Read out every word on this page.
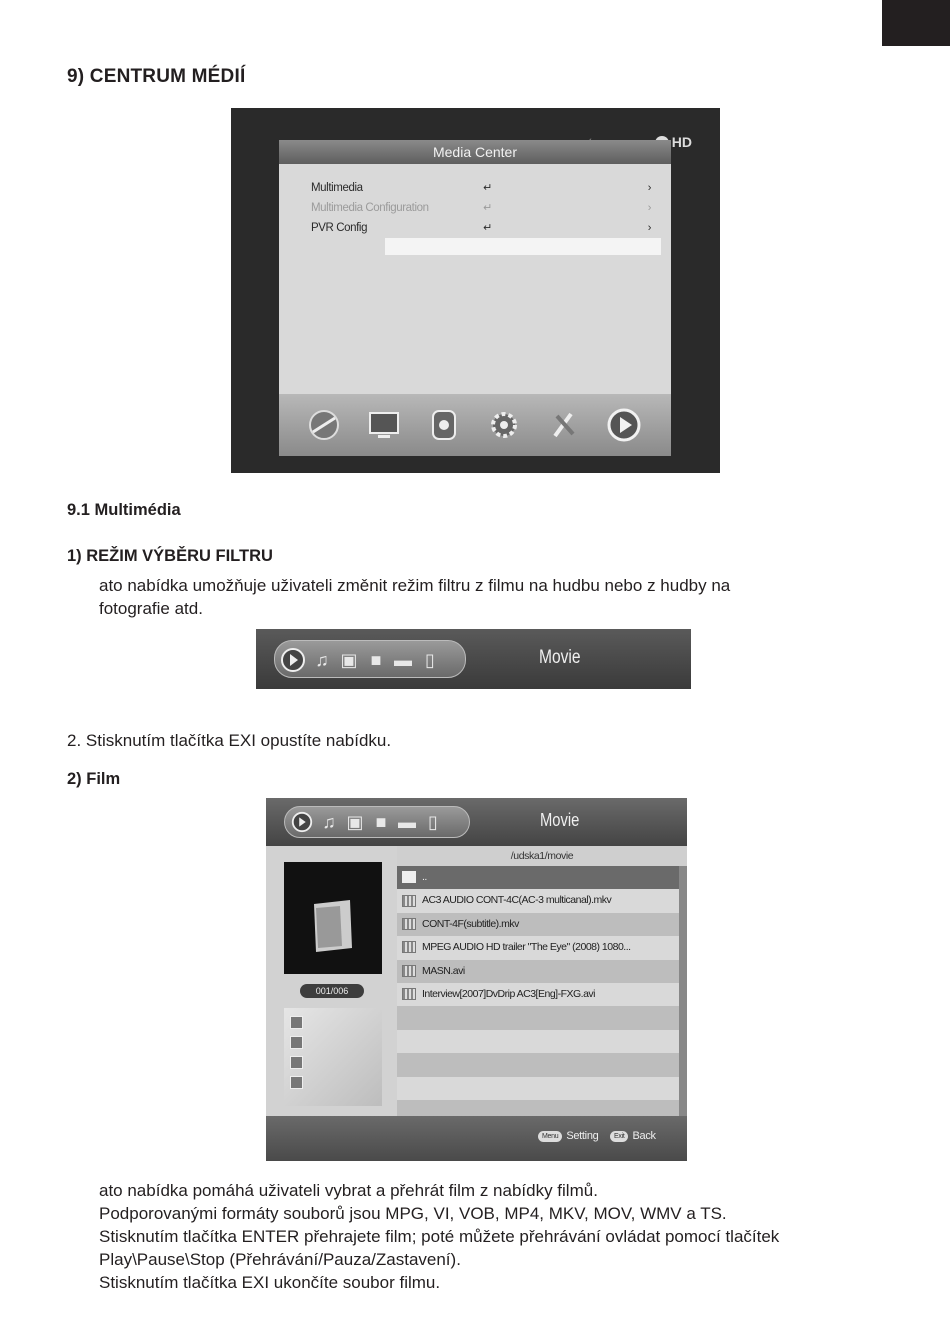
9) CENTRUM MÉDIÍ
HD
Media Center
Multimedia	↵	›
Multimedia Configuration	↵	›
PVR Config	↵	›
9.1 Multimédia
1) REŽIM VÝBĚRU FILTRU
ato nabídka umožňuje uživateli změnit režim filtru z filmu na hudbu nebo z hudby na
fotografie atd.
♫ ▣ ■ ▬ ▯	Movie
2. Stisknutím tlačítka EXI opustíte nabídku.
2) Film
♫ ▣ ■ ▬ ▯	Movie
/udska1/movie
001/006
..
AC3 AUDIO CONT-4C(AC-3 multicanal).mkv
CONT-4F(subtitle).mkv
MPEG AUDIO HD trailer "The Eye" (2008) 1080...
MASN.avi
Interview[2007]DvDrip AC3[Eng]-FXG.avi
Menu Setting	Exit Back
ato nabídka pomáhá uživateli vybrat a přehrát film z nabídky filmů.
Podporovanými formáty souborů jsou MPG, VI, VOB, MP4, MKV, MOV, WMV a TS.
Stisknutím tlačítka ENTER přehrajete film; poté můžete přehrávání ovládat pomocí tlačítek
Play\Pause\Stop (Přehrávání/Pauza/Zastavení).
Stisknutím tlačítka EXI ukončíte soubor filmu.
